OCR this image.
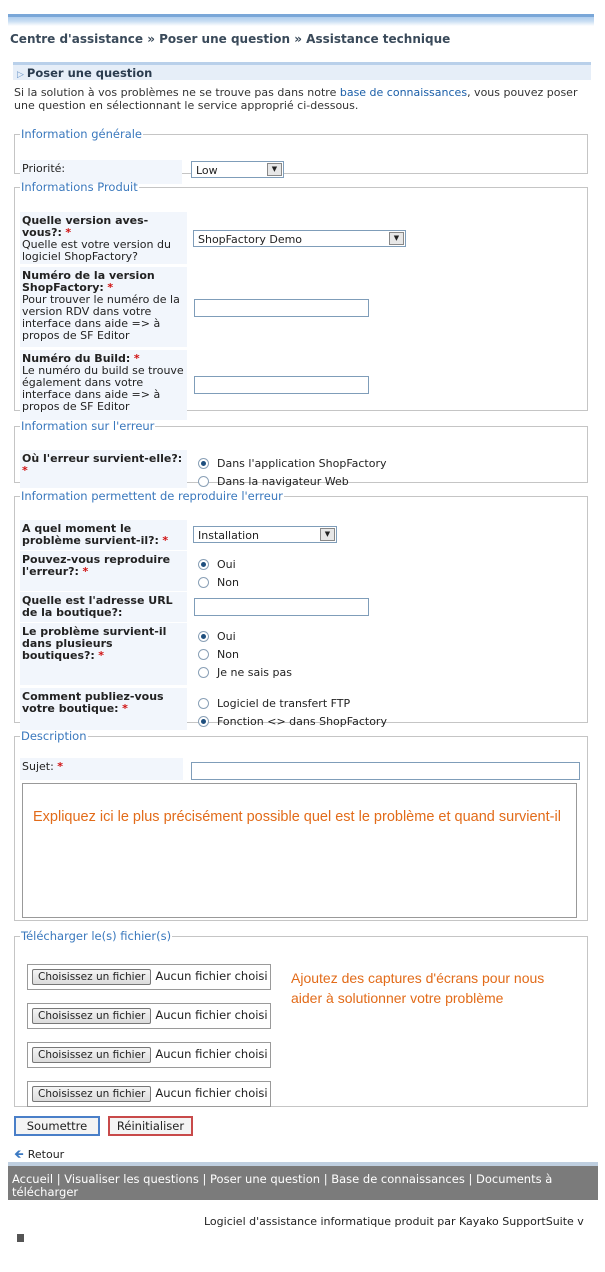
Centre d'assistance » Poser une question » Assistance technique
▷ Poser une question
Si la solution à vos problèmes ne se trouve pas dans notre base de connaissances, vous pouvez poser une question en sélectionnant le service approprié ci-dessous.
Information générale
Priorité:	Low	▼
Informations Produit
Quelle version aves-vous?: *
Quelle est votre version du logiciel ShopFactory?
ShopFactory Demo	▼
Numéro de la version ShopFactory: *
Pour trouver le numéro de la version RDV dans votre interface dans aide => à propos de SF Editor
Numéro du Build: *
Le numéro du build se trouve également dans votre interface dans aide => à propos de SF Editor
Information sur l'erreur
Où l'erreur survient-elle?: *
Dans l'application ShopFactory
Dans la navigateur Web
Information permettent de reproduire l'erreur
A quel moment le problème survient-il?: *	Installation	▼
Pouvez-vous reproduire l'erreur?: *
Oui
Non
Quelle est l'adresse URL de la boutique?:
Le problème survient-il dans plusieurs boutiques?: *
Oui
Non
Je ne sais pas
Comment publiez-vous votre boutique: *	Logiciel de transfert FTP
Fonction <> dans ShopFactory
Description
Sujet: *
Expliquez ici le plus précisément possible quel est le problème et quand survient-il
Télécharger le(s) fichier(s)
Choisissez un fichier Aucun fichier choisi
Choisissez un fichier Aucun fichier choisi
Choisissez un fichier Aucun fichier choisi
Choisissez un fichier Aucun fichier choisi
Ajoutez des captures d'écrans pour nous aider à solutionner votre problème
Soumettre	Réinitialiser
🡸 Retour
Accueil | Visualiser les questions | Poser une question | Base de connaissances | Documents à télécharger
Logiciel d'assistance informatique produit par Kayako SupportSuite v
